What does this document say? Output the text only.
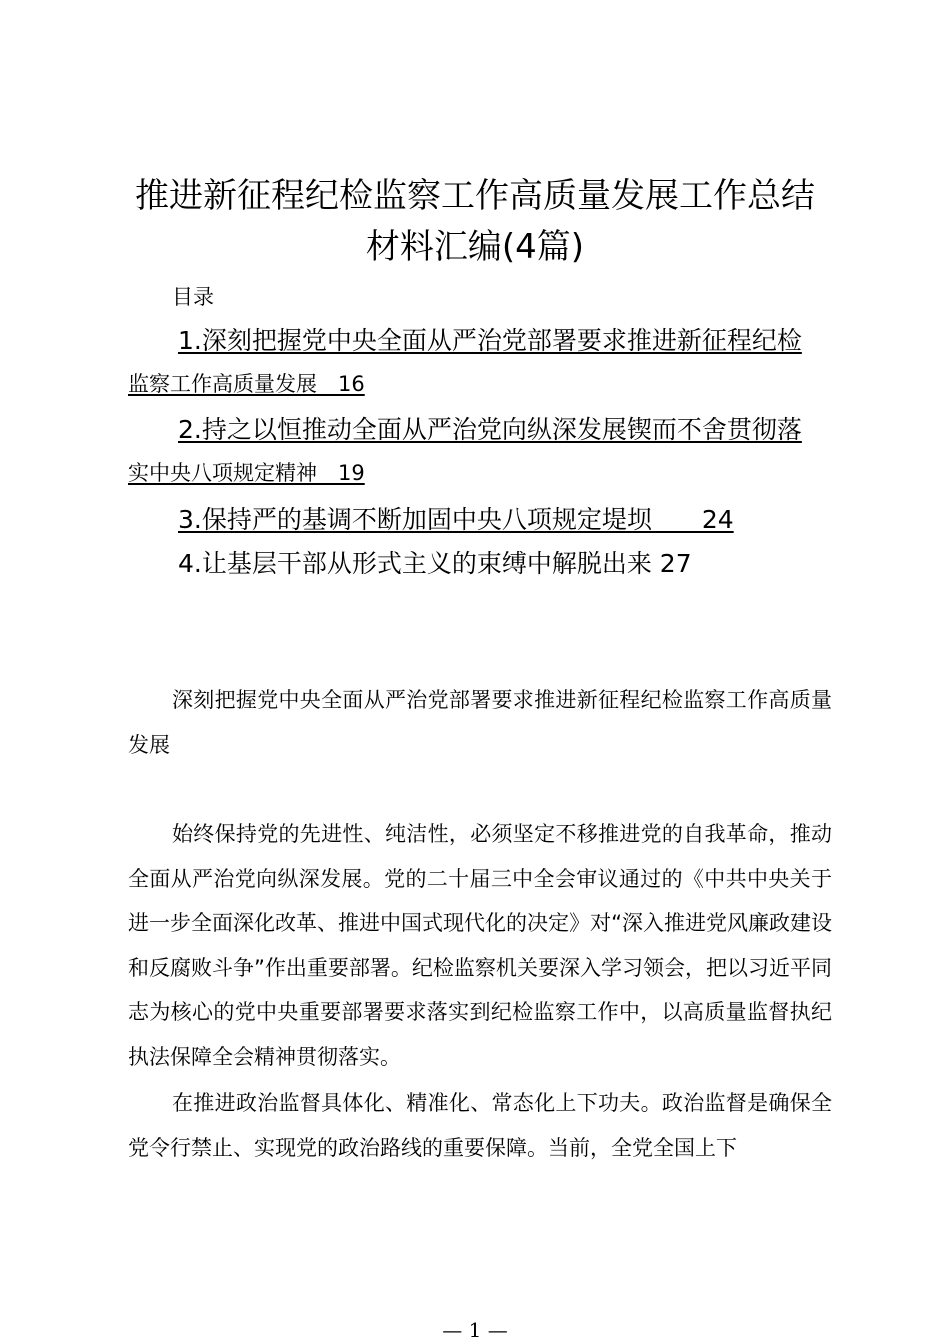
推进新征程纪检监察工作高质量发展工作总结
材料汇编(4篇)
目录
1.深刻把握党中央全面从严治党部署要求推进新征程纪检
监察工作高质量发展　16
2.持之以恒推动全面从严治党向纵深发展锲而不舍贯彻落
实中央八项规定精神　19
3.保持严的基调不断加固中央八项规定堤坝　　24
4.让基层干部从形式主义的束缚中解脱出来 27

深刻把握党中央全面从严治党部署要求推进新征程纪检监察工作高质量发展

始终保持党的先进性、纯洁性，必须坚定不移推进党的自我革命，推动全面从严治党向纵深发展。党的二十届三中全会审议通过的《中共中央关于进一步全面深化改革、推进中国式现代化的决定》对“深入推进党风廉政建设和反腐败斗争”作出重要部署。纪检监察机关要深入学习领会，把以习近平同志为核心的党中央重要部署要求落实到纪检监察工作中，以高质量监督执纪执法保障全会精神贯彻落实。

在推进政治监督具体化、精准化、常态化上下功夫。政治监督是确保全党令行禁止、实现党的政治路线的重要保障。当前，全党全国上下

— 1 —
